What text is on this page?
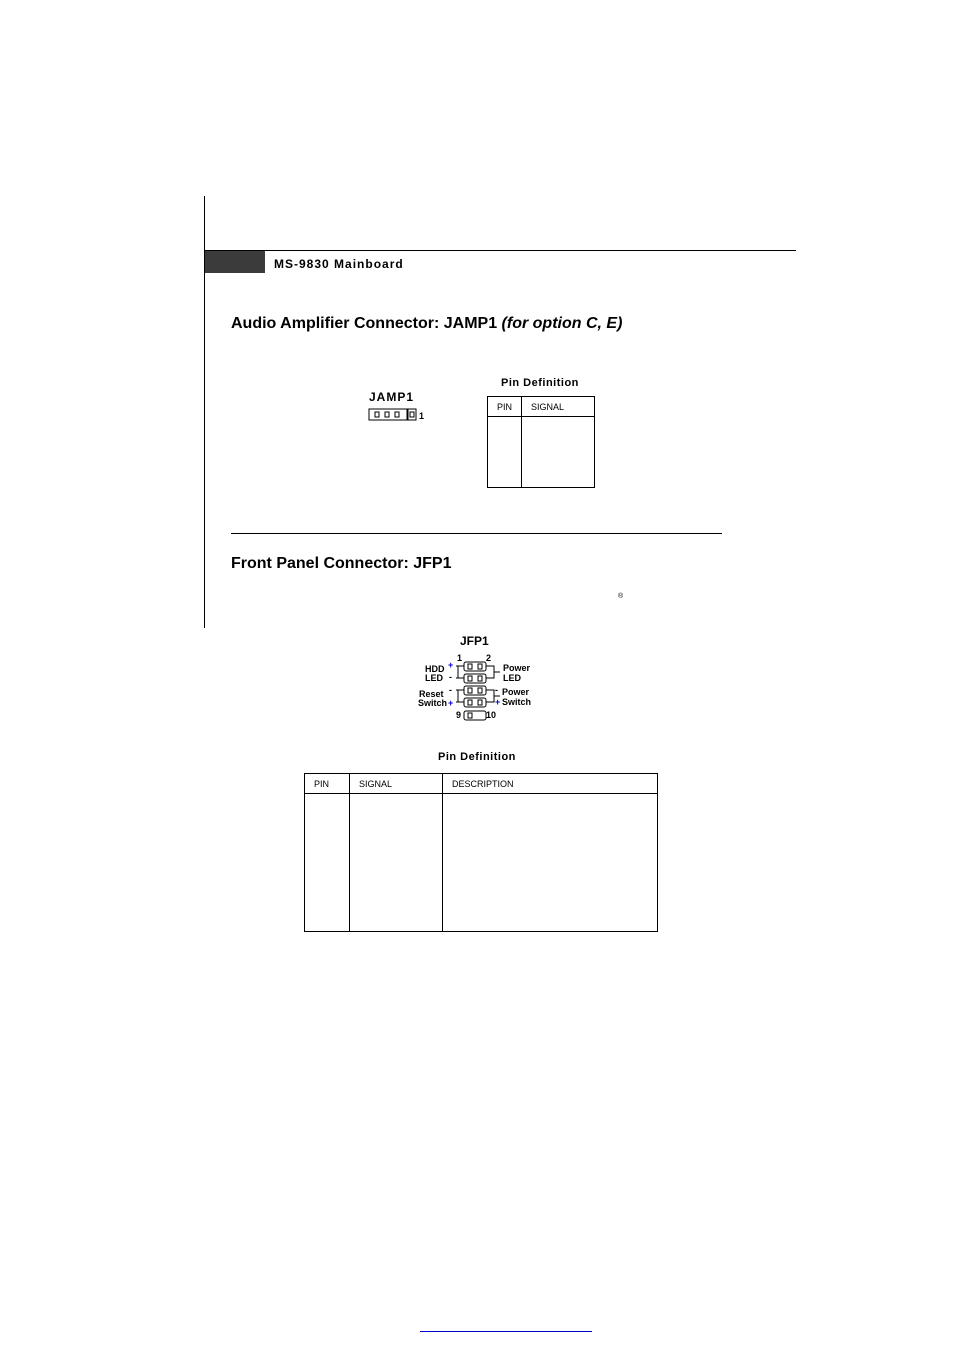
MS-9830 Mainboard
Audio Amplifier Connector: JAMP1 (for option C, E)
JAMP1
1
Pin Definition
PIN	SIGNAL

Front Panel Connector: JFP1
®
JFP1
1	2
9	10
HDD
LED
Reset
Switch
Power
LED
Power
Switch
+
-
-
+
-
+
Pin Definition
PIN	SIGNAL	DESCRIPTION
